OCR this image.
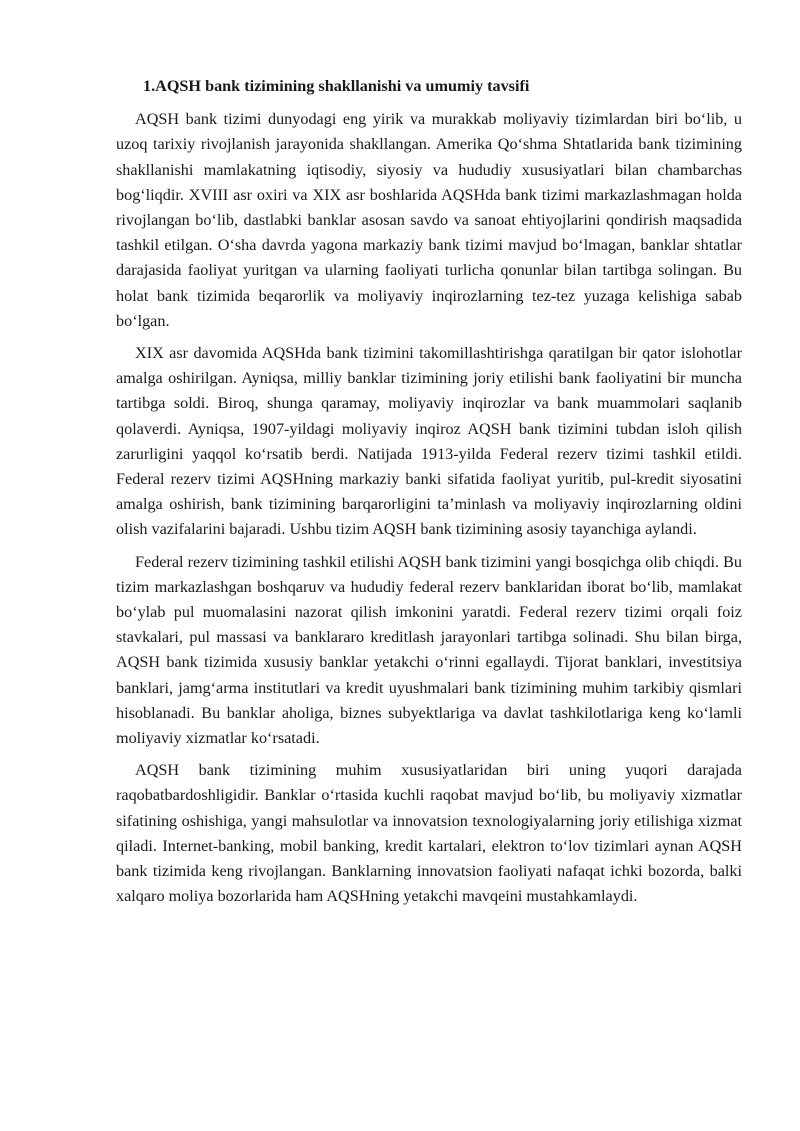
1.AQSH bank tizimining shakllanishi va umumiy tavsifi

AQSH bank tizimi dunyodagi eng yirik va murakkab moliyaviy tizimlardan biri bo‘lib, u uzoq tarixiy rivojlanish jarayonida shakllangan. Amerika Qo‘shma Shtatlarida bank tizimining shakllanishi mamlakatning iqtisodiy, siyosiy va hududiy xususiyatlari bilan chambarchas bog‘liqdir. XVIII asr oxiri va XIX asr boshlarida AQSHda bank tizimi markazlashmagan holda rivojlangan bo‘lib, dastlabki banklar asosan savdo va sanoat ehtiyojlarini qondirish maqsadida tashkil etilgan. O‘sha davrda yagona markaziy bank tizimi mavjud bo‘lmagan, banklar shtatlar darajasida faoliyat yuritgan va ularning faoliyati turlicha qonunlar bilan tartibga solingan. Bu holat bank tizimida beqarorlik va moliyaviy inqirozlarning tez-tez yuzaga kelishiga sabab bo‘lgan.

XIX asr davomida AQSHda bank tizimini takomillashtirishga qaratilgan bir qator islohotlar amalga oshirilgan. Ayniqsa, milliy banklar tizimining joriy etilishi bank faoliyatini bir muncha tartibga soldi. Biroq, shunga qaramay, moliyaviy inqirozlar va bank muammolari saqlanib qolaverdi. Ayniqsa, 1907-yildagi moliyaviy inqiroz AQSH bank tizimini tubdan isloh qilish zarurligini yaqqol ko‘rsatib berdi. Natijada 1913-yilda Federal rezerv tizimi tashkil etildi. Federal rezerv tizimi AQSHning markaziy banki sifatida faoliyat yuritib, pul-kredit siyosatini amalga oshirish, bank tizimining barqarorligini ta’minlash va moliyaviy inqirozlarning oldini olish vazifalarini bajaradi. Ushbu tizim AQSH bank tizimining asosiy tayanchiga aylandi.

Federal rezerv tizimining tashkil etilishi AQSH bank tizimini yangi bosqichga olib chiqdi. Bu tizim markazlashgan boshqaruv va hududiy federal rezerv banklaridan iborat bo‘lib, mamlakat bo‘ylab pul muomalasini nazorat qilish imkonini yaratdi. Federal rezerv tizimi orqali foiz stavkalari, pul massasi va banklararo kreditlash jarayonlari tartibga solinadi. Shu bilan birga, AQSH bank tizimida xususiy banklar yetakchi o‘rinni egallaydi. Tijorat banklari, investitsiya banklari, jamg‘arma institutlari va kredit uyushmalari bank tizimining muhim tarkibiy qismlari hisoblanadi. Bu banklar aholiga, biznes subyektlariga va davlat tashkilotlariga keng ko‘lamli moliyaviy xizmatlar ko‘rsatadi.

AQSH bank tizimining muhim xususiyatlaridan biri uning yuqori darajada raqobatbardoshligidir. Banklar o‘rtasida kuchli raqobat mavjud bo‘lib, bu moliyaviy xizmatlar sifatining oshishiga, yangi mahsulotlar va innovatsion texnologiyalarning joriy etilishiga xizmat qiladi. Internet-banking, mobil banking, kredit kartalari, elektron to‘lov tizimlari aynan AQSH bank tizimida keng rivojlangan. Banklarning innovatsion faoliyati nafaqat ichki bozorda, balki xalqaro moliya bozorlarida ham AQSHning yetakchi mavqeini mustahkamlaydi.
